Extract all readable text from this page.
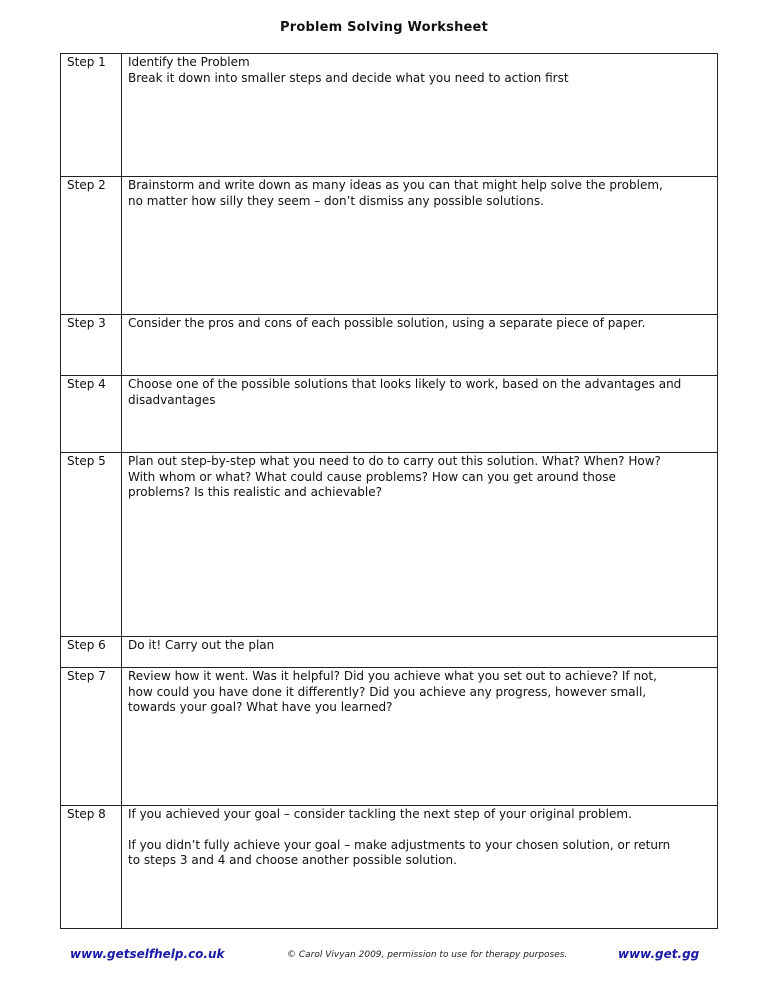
Problem Solving Worksheet
Step 1	Identify the Problem
Break it down into smaller steps and decide what you need to action first

Step 2	Brainstorm and write down as many ideas as you can that might help solve the problem,
no matter how silly they seem – don’t dismiss any possible solutions.

Step 3	Consider the pros and cons of each possible solution, using a separate piece of paper.

Step 4	Choose one of the possible solutions that looks likely to work, based on the advantages and
disadvantages

Step 5	Plan out step-by-step what you need to do to carry out this solution. What? When? How?
With whom or what? What could cause problems? How can you get around those
problems? Is this realistic and achievable?

Step 6	Do it! Carry out the plan

Step 7	Review how it went. Was it helpful? Did you achieve what you set out to achieve? If not,
how could you have done it differently? Did you achieve any progress, however small,
towards your goal? What have you learned?

Step 8	If you achieved your goal – consider tackling the next step of your original problem.
If you didn’t fully achieve your goal – make adjustments to your chosen solution, or return
to steps 3 and 4 and choose another possible solution.
www.getselfhelp.co.uk	© Carol Vivyan 2009, permission to use for therapy purposes.	www.get.gg
